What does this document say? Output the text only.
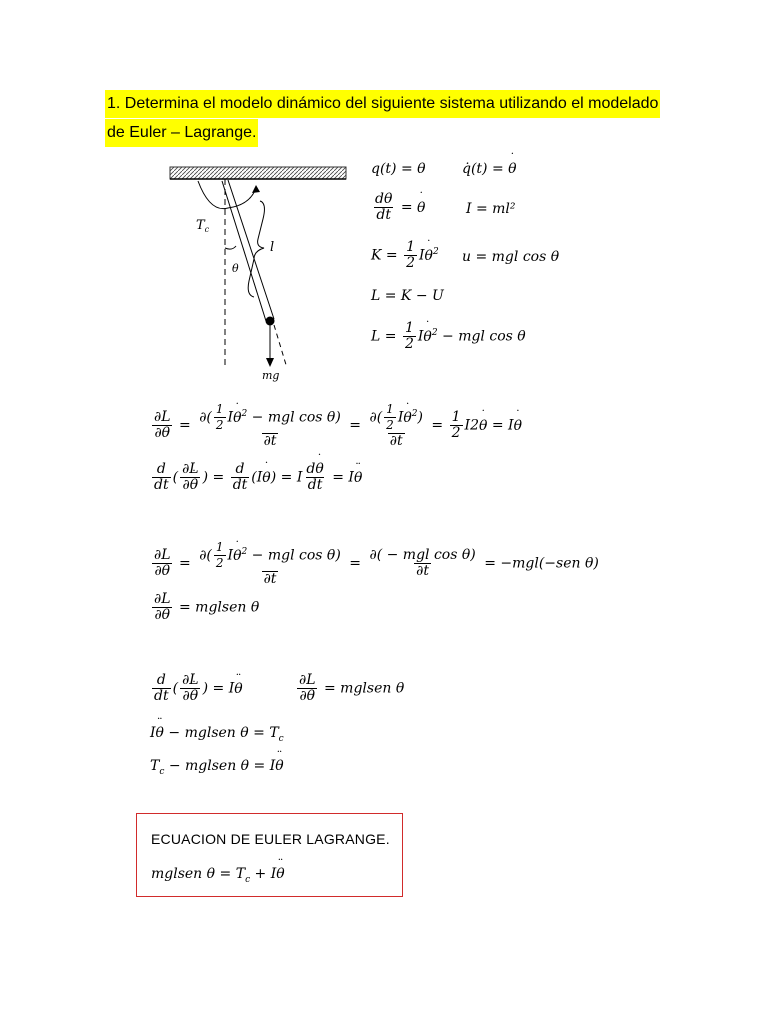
1. Determina el modelo dinámico del siguiente sistema utilizando el modelado
de Euler – Lagrange.
$T_c$
l
θ
mg
q(t) = θ	q̇(t) = θ ˙
$\frac{d\theta}{dt} = \theta$ ˙	I = ml²
$K = \frac{1}{2}$ Iθ ˙$^2$ u = mgl cos θ
L = K − U
$L = \frac{1}{2}$ Iθ ˙$^2$ − mgl cos θ
$\frac{\partial L}{\partial\theta} = \frac{\partial( \frac{1}{2} I\theta ˙^2 - mgl \cos \theta)}{\partial t} = \frac{\partial( \frac{1}{2} I\theta ˙^2)}{\partial t} = \frac{1}{2} I2\theta$ ˙ = Iθ ˙
$\frac{d}{dt}$ ( $\frac{\partial L}{\partial\theta}$ ˙ ) = $\frac{d}{dt} (I\theta$ ˙) = I $\frac{d\theta ˙}{dt} = I\theta$ ¨
$\frac{\partial L}{\partial\theta} = \frac{\partial( \frac{1}{2} I\theta ˙^2 - mgl \cos \theta)}{\partial t} = \frac{\text{∂( − mgl cos θ)}}{\partial t} = -mgl(-sen$ θ)
$\frac{\partial L}{\partial\theta}$ = mglsen θ
$\frac{d}{dt}$ ( $\frac{\partial L}{\partial\theta}$ ˙ ) = Iθ ¨	$\frac{\partial L}{\partial\theta}$ = mglsen θ
Iθ ¨ − mglsen $\theta = T_c$
$T_c$ − mglsen θ = Iθ ¨
ECUACION DE EULER LAGRANGE.
mglsen $\theta = T_c + I\theta$ ¨
